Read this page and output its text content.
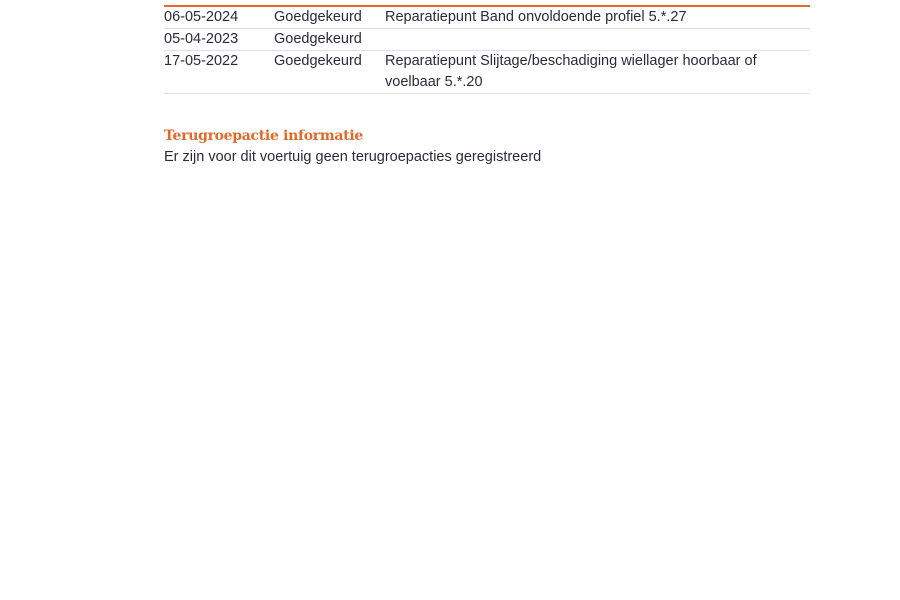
06-05-2024	Goedgekeurd	Reparatiepunt Band onvoldoende profiel 5.*.27
05-04-2023	Goedgekeurd
17-05-2022	Goedgekeurd	Reparatiepunt Slijtage/beschadiging wiellager hoorbaar of voelbaar 5.*.20
Terugroepactie informatie
Er zijn voor dit voertuig geen terugroepacties geregistreerd
